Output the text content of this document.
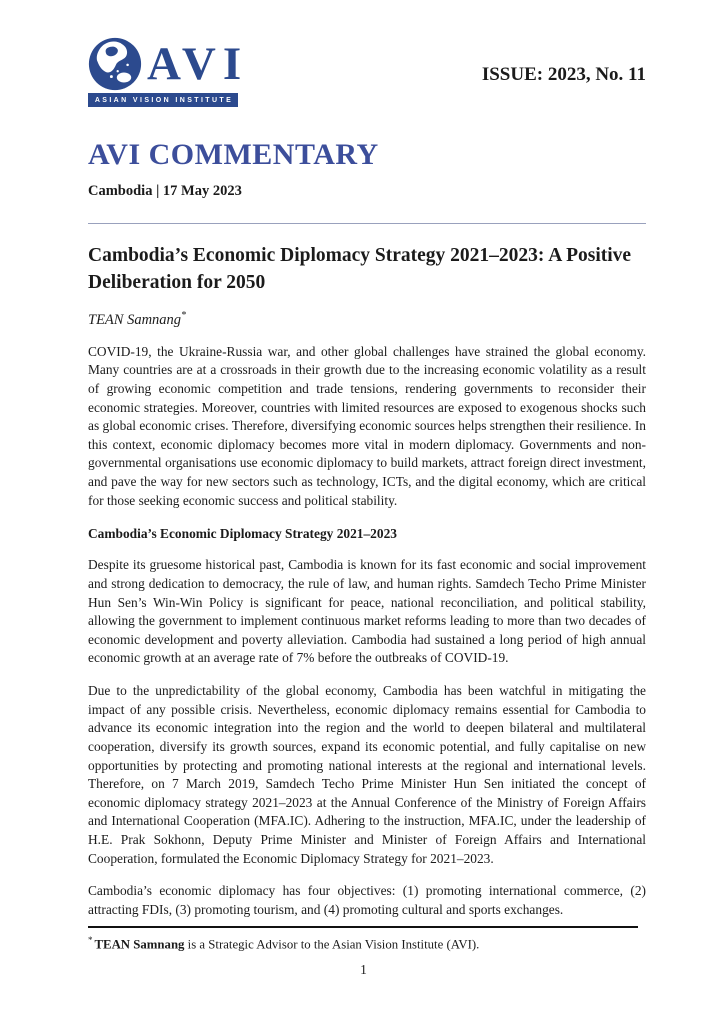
AVI
ASIAN VISION INSTITUTE
ISSUE: 2023, No. 11
AVI COMMENTARY
Cambodia | 17 May 2023
Cambodia’s Economic Diplomacy Strategy 2021–2023: A Positive Deliberation for 2050
TEAN Samnang*

COVID-19, the Ukraine-Russia war, and other global challenges have strained the global economy. Many countries are at a crossroads in their growth due to the increasing economic volatility as a result of growing economic competition and trade tensions, rendering governments to reconsider their economic strategies. Moreover, countries with limited resources are exposed to exogenous shocks such as global economic crises. Therefore, diversifying economic sources helps strengthen their resilience. In this context, economic diplomacy becomes more vital in modern diplomacy. Governments and non-governmental organisations use economic diplomacy to build markets, attract foreign direct investment, and pave the way for new sectors such as technology, ICTs, and the digital economy, which are critical for those seeking economic success and political stability.

Cambodia’s Economic Diplomacy Strategy 2021–2023

Despite its gruesome historical past, Cambodia is known for its fast economic and social improvement and strong dedication to democracy, the rule of law, and human rights. Samdech Techo Prime Minister Hun Sen’s Win-Win Policy is significant for peace, national reconciliation, and political stability, allowing the government to implement continuous market reforms leading to more than two decades of economic development and poverty alleviation. Cambodia had sustained a long period of high annual economic growth at an average rate of 7% before the outbreaks of COVID-19.

Due to the unpredictability of the global economy, Cambodia has been watchful in mitigating the impact of any possible crisis. Nevertheless, economic diplomacy remains essential for Cambodia to advance its economic integration into the region and the world to deepen bilateral and multilateral cooperation, diversify its growth sources, expand its economic potential, and fully capitalise on new opportunities by protecting and promoting national interests at the regional and international levels. Therefore, on 7 March 2019, Samdech Techo Prime Minister Hun Sen initiated the concept of economic diplomacy strategy 2021–2023 at the Annual Conference of the Ministry of Foreign Affairs and International Cooperation (MFA.IC). Adhering to the instruction, MFA.IC, under the leadership of H.E. Prak Sokhonn, Deputy Prime Minister and Minister of Foreign Affairs and International Cooperation, formulated the Economic Diplomacy Strategy for 2021–2023.

Cambodia’s economic diplomacy has four objectives: (1) promoting international commerce, (2) attracting FDIs, (3) promoting tourism, and (4) promoting cultural and sports exchanges.

* TEAN Samnang is a Strategic Advisor to the Asian Vision Institute (AVI).
1
